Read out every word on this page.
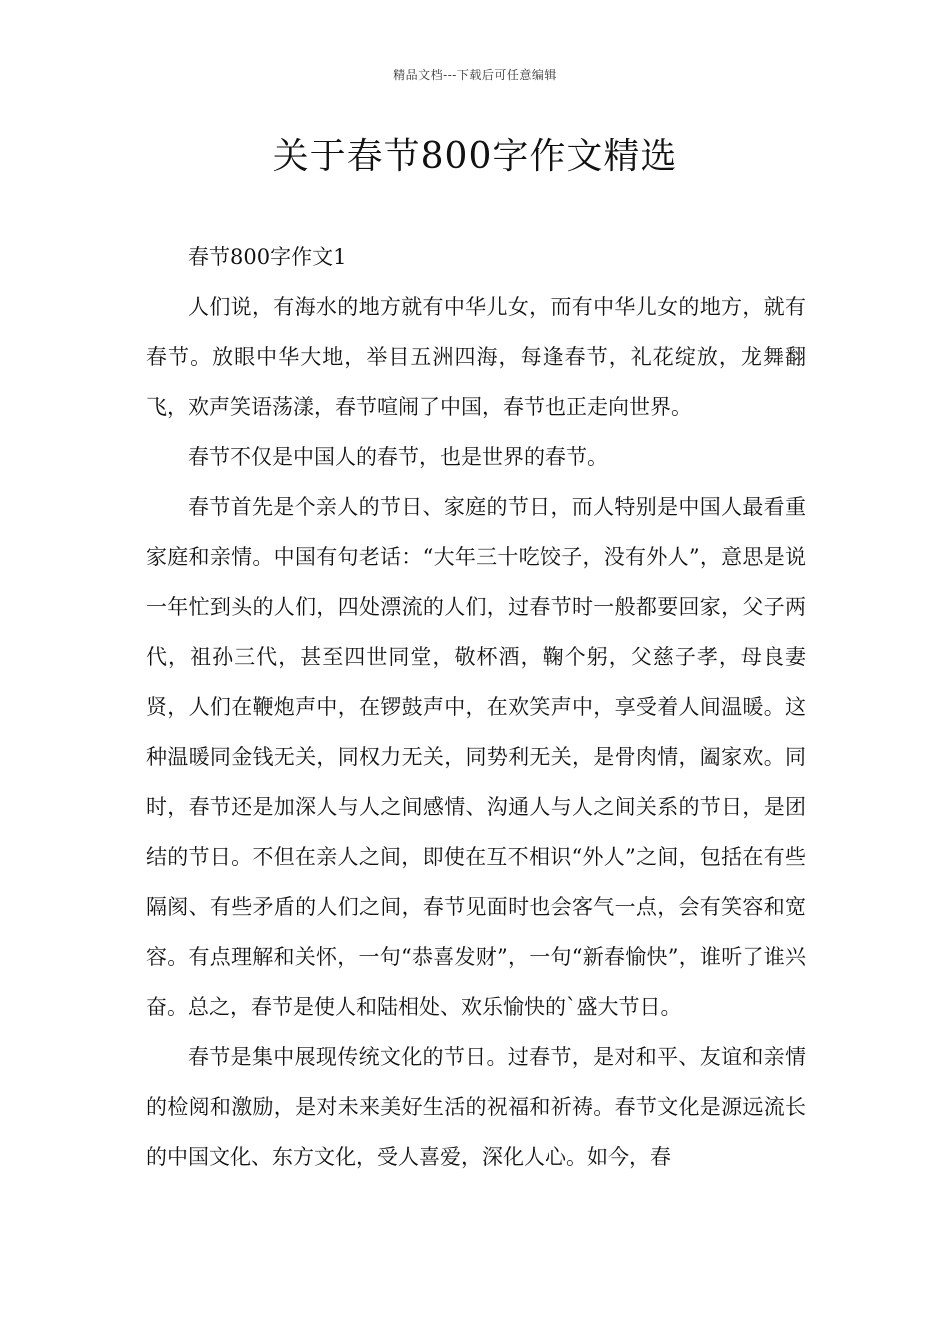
精品文档---下载后可任意编辑
关于春节800字作文精选

春节800字作文1

人们说，有海水的地方就有中华儿女，而有中华儿女的地方，就有春节。放眼中华大地，举目五洲四海，每逢春节，礼花绽放，龙舞翻飞，欢声笑语荡漾，春节喧闹了中国，春节也正走向世界。

春节不仅是中国人的春节，也是世界的春节。

春节首先是个亲人的节日、家庭的节日，而人特别是中国人最看重家庭和亲情。中国有句老话：“大年三十吃饺子，没有外人”，意思是说一年忙到头的人们，四处漂流的人们，过春节时一般都要回家，父子两代，祖孙三代，甚至四世同堂，敬杯酒，鞠个躬，父慈子孝，母良妻贤，人们在鞭炮声中，在锣鼓声中，在欢笑声中，享受着人间温暖。这种温暖同金钱无关，同权力无关，同势利无关，是骨肉情，阖家欢。同时，春节还是加深人与人之间感情、沟通人与人之间关系的节日，是团结的节日。不但在亲人之间，即使在互不相识“外人”之间，包括在有些隔阂、有些矛盾的人们之间，春节见面时也会客气一点，会有笑容和宽容。有点理解和关怀，一句“恭喜发财”，一句“新春愉快”，谁听了谁兴奋。总之，春节是使人和陆相处、欢乐愉快的`盛大节日。

春节是集中展现传统文化的节日。过春节，是对和平、友谊和亲情的检阅和激励，是对未来美好生活的祝福和祈祷。春节文化是源远流长的中国文化、东方文化，受人喜爱，深化人心。如今，春
